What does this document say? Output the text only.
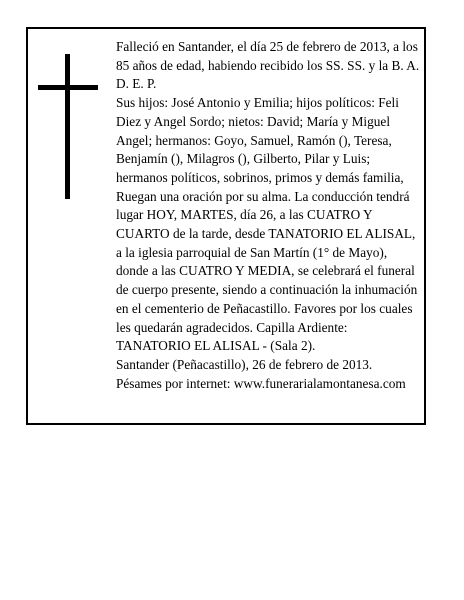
Falleció en Santander, el día 25 de febrero de 2013, a los 85 años de edad, habiendo recibido los SS. SS. y la B. A.

D. E. P.

Sus hijos: José Antonio y Emilia; hijos políticos: Feli Diez y Angel Sordo; nietos: David; María y Miguel Angel; hermanos: Goyo, Samuel, Ramón (), Teresa, Benjamín (), Milagros (), Gilberto, Pilar y Luis; hermanos políticos, sobrinos, primos y demás familia, Ruegan una oración por su alma. La conducción tendrá lugar HOY, MARTES, día 26, a las CUATRO Y CUARTO de la tarde, desde TANATORIO EL ALISAL, a la iglesia parroquial de San Martín (1° de Mayo), donde a las CUATRO Y MEDIA, se celebrará el funeral de cuerpo presente, siendo a continuación la inhumación en el cementerio de Peñacastillo. Favores por los cuales les quedarán agradecidos. Capilla Ardiente: TANATORIO EL ALISAL - (Sala 2).

Santander (Peñacastillo), 26 de febrero de 2013.

Pésames por internet: www.funerarialamontanesa.com
